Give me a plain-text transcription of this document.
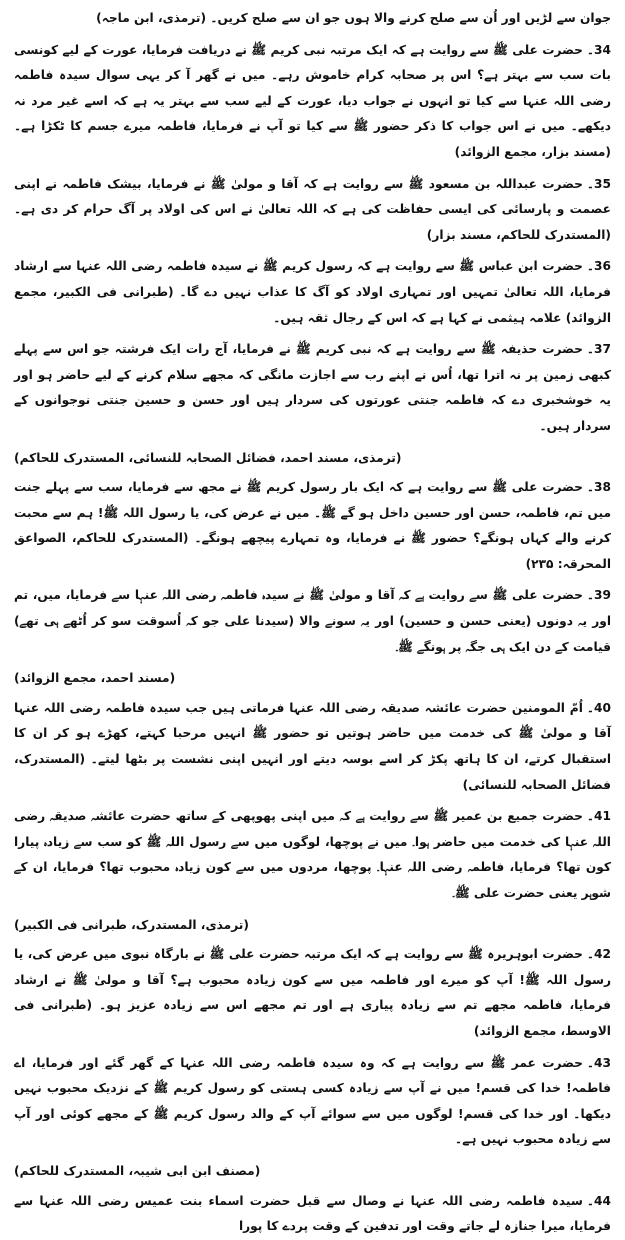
جوان سے لڑیں اور اُن سے صلح کرنے والا ہوں جو ان سے صلح کریں۔ (ترمذی، ابن ماجہ)

34۔حضرت علی ﷺ سے روایت ہے کہ ایک مرتبہ نبی کریم ﷺ نے دریافت فرمایا، عورت کے لیے کونسی بات سب سے بہتر ہے؟ اس پر صحابہ کرام خاموش رہے۔ میں نے گھر آ کر یہی سوال سیدہ فاطمہ رضی اللہ عنہا سے کیا تو انہوں نے جواب دیا، عورت کے لیے سب سے بہتر یہ ہے کہ اسے غیر مرد نہ دیکھے۔ میں نے اس جواب کا ذکر حضور ﷺ سے کیا تو آپ نے فرمایا، فاطمہ میرے جسم کا ٹکڑا ہے۔ (مسند بزار، مجمع الزوائد)

35۔حضرت عبداللہ بن مسعود ﷺ سے روایت ہے کہ آقا و مولیٰ ﷺ نے فرمایا، بیشک فاطمہ نے اپنی عصمت و پارسائی کی ایسی حفاظت کی ہے کہ اللہ تعالیٰ نے اس کی اولاد پر آگ حرام کر دی ہے۔ (المستدرک للحاکم، مسند بزار)

36۔حضرت ابن عباس ﷺ سے روایت ہے کہ رسول کریم ﷺ نے سیدہ فاطمہ رضی اللہ عنہا سے ارشاد فرمایا، اللہ تعالیٰ تمہیں اور تمہاری اولاد کو آگ کا عذاب نہیں دے گا۔ (طبرانی فی الکبیر، مجمع الزوائد) علامہ ہیثمی نے کہا ہے کہ اس کے رجال ثقہ ہیں۔

37۔حضرت حذیفہ ﷺ سے روایت ہے کہ نبی کریم ﷺ نے فرمایا، آج رات ایک فرشتہ جو اس سے پہلے کبھی زمین پر نہ اترا تھا، اُس نے اپنے رب سے اجازت مانگی کہ مجھے سلام کرنے کے لیے حاضر ہو اور یہ خوشخبری دے کہ فاطمہ جنتی عورتوں کی سردار ہیں اور حسن و حسین جنتی نوجوانوں کے سردار ہیں۔

(ترمذی، مسند احمد، فضائل الصحابہ للنسائی، المستدرک للحاکم)

38۔حضرت علی ﷺ سے روایت ہے کہ ایک بار رسول کریم ﷺ نے مجھ سے فرمایا، سب سے پہلے جنت میں تم، فاطمہ، حسن اور حسین داخل ہو گے ﷺ۔ میں نے عرض کی، یا رسول اللہ ﷺ! ہم سے محبت کرنے والے کہاں ہونگے؟ حضور ﷺ نے فرمایا، وہ تمہارے پیچھے ہونگے۔ (المستدرک للحاکم، الصواعق المحرقہ: ۲۳۵)

39۔حضرت علی ﷺ سے روایت ہے کہ آقا و مولیٰ ﷺ نے سیدہ فاطمہ رضی اللہ عنہا سے فرمایا، میں، تم اور یہ دونوں (یعنی حسن و حسین) اور یہ سونے والا (سیدنا علی جو کہ اُسوقت سو کر اُٹھے ہی تھے) قیامت کے دن ایک ہی جگہ پر ہونگے ﷺ۔

(مسند احمد، مجمع الزوائد)

40۔اُمّ المومنین حضرت عائشہ صدیقہ رضی اللہ عنہا فرماتی ہیں جب سیدہ فاطمہ رضی اللہ عنہا آقا و مولیٰ ﷺ کی خدمت میں حاضر ہوتیں تو حضور ﷺ انہیں مرحبا کہتے، کھڑے ہو کر ان کا استقبال کرتے، ان کا ہاتھ پکڑ کر اسے بوسہ دیتے اور انہیں اپنی نشست پر بٹھا لیتے۔ (المستدرک، فضائل الصحابہ للنسائی)

41۔حضرت جمیع بن عمیر ﷺ سے روایت ہے کہ میں اپنی پھوپھی کے ساتھ حضرت عائشہ صدیقہ رضی اللہ عنہا کی خدمت میں حاضر ہوا۔ میں نے پوچھا، لوگوں میں سے رسول اللہ ﷺ کو سب سے زیادہ پیارا کون تھا؟ فرمایا، فاطمہ رضی اللہ عنہا۔ پوچھا، مردوں میں سے کون زیادہ محبوب تھا؟ فرمایا، ان کے شوہر یعنی حضرت علی ﷺ۔

(ترمذی، المستدرک، طبرانی فی الکبیر)

42۔حضرت ابوہریرہ ﷺ سے روایت ہے کہ ایک مرتبہ حضرت علی ﷺ نے بارگاہ نبوی میں عرض کی، یا رسول اللہ ﷺ! آپ کو میرے اور فاطمہ میں سے کون زیادہ محبوب ہے؟ آقا و مولیٰ ﷺ نے ارشاد فرمایا، فاطمہ مجھے تم سے زیادہ پیاری ہے اور تم مجھے اس سے زیادہ عزیز ہو۔ (طبرانی فی الاوسط، مجمع الزوائد)

43۔حضرت عمر ﷺ سے روایت ہے کہ وہ سیدہ فاطمہ رضی اللہ عنہا کے گھر گئے اور فرمایا، اے فاطمہ! خدا کی قسم! میں نے آپ سے زیادہ کسی ہستی کو رسول کریم ﷺ کے نزدیک محبوب نہیں دیکھا۔ اور خدا کی قسم! لوگوں میں سے سوائے آپ کے والد رسول کریم ﷺ کے مجھے کوئی اور آپ سے زیادہ محبوب نہیں ہے۔

(مصنف ابن ابی شیبہ، المستدرک للحاکم)

44۔سیدہ فاطمہ رضی اللہ عنہا نے وصال سے قبل حضرت اسماء بنت عمیس رضی اللہ عنہا سے فرمایا، میرا جنازہ لے جاتے وقت اور تدفین کے وقت پردے کا پورا
